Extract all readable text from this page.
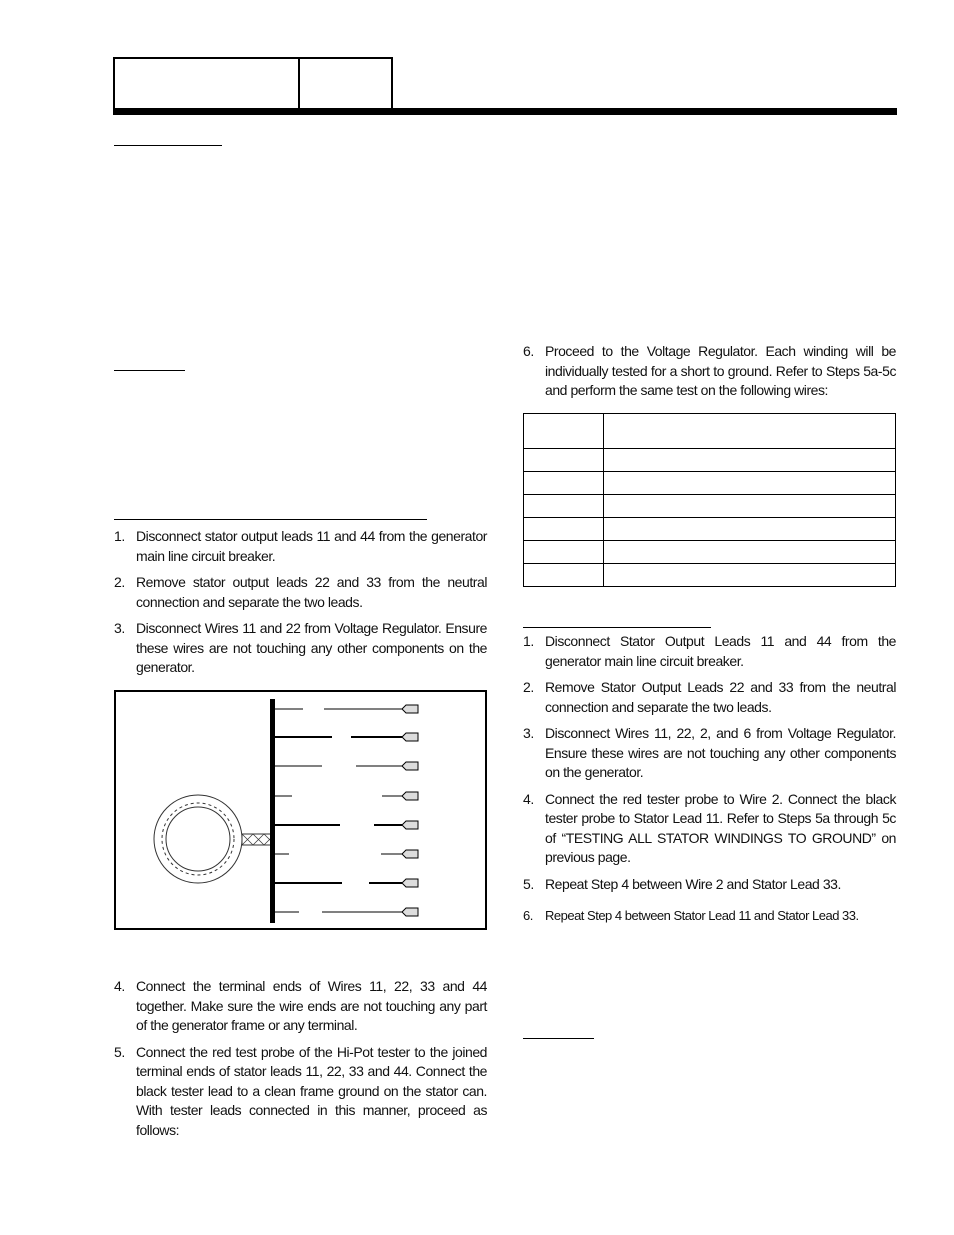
1. Disconnect stator output leads 11 and 44 from the generator main line circuit breaker.
2. Remove stator output leads 22 and 33 from the neutral connection and separate the two leads.
3. Disconnect Wires 11 and 22 from Voltage Regulator. Ensure these wires are not touching any other components on the generator.
4. Connect the terminal ends of Wires 11, 22, 33 and 44 together. Make sure the wire ends are not touching any part of the generator frame or any terminal.
5. Connect the red test probe of the Hi-Pot tester to the joined terminal ends of stator leads 11, 22, 33 and 44. Connect the black tester lead to a clean frame ground on the stator can. With tester leads connected in this manner, proceed as follows:
6. Proceed to the Voltage Regulator. Each winding will be individually tested for a short to ground. Refer to Steps 5a-5c and perform the same test on the following wires:

1. Disconnect Stator Output Leads 11 and 44 from the generator main line circuit breaker.
2. Remove Stator Output Leads 22 and 33 from the neutral connection and separate the two leads.
3. Disconnect Wires 11, 22, 2, and 6 from Voltage Regulator. Ensure these wires are not touching any other components on the generator.
4. Connect the red tester probe to Wire 2. Connect the black tester probe to Stator Lead 11. Refer to Steps 5a through 5c of “TESTING ALL STATOR WINDINGS TO GROUND” on previous page.
5. Repeat Step 4 between Wire 2 and Stator Lead 33.
6. Repeat Step 4 between Stator Lead 11 and Stator Lead 33.
